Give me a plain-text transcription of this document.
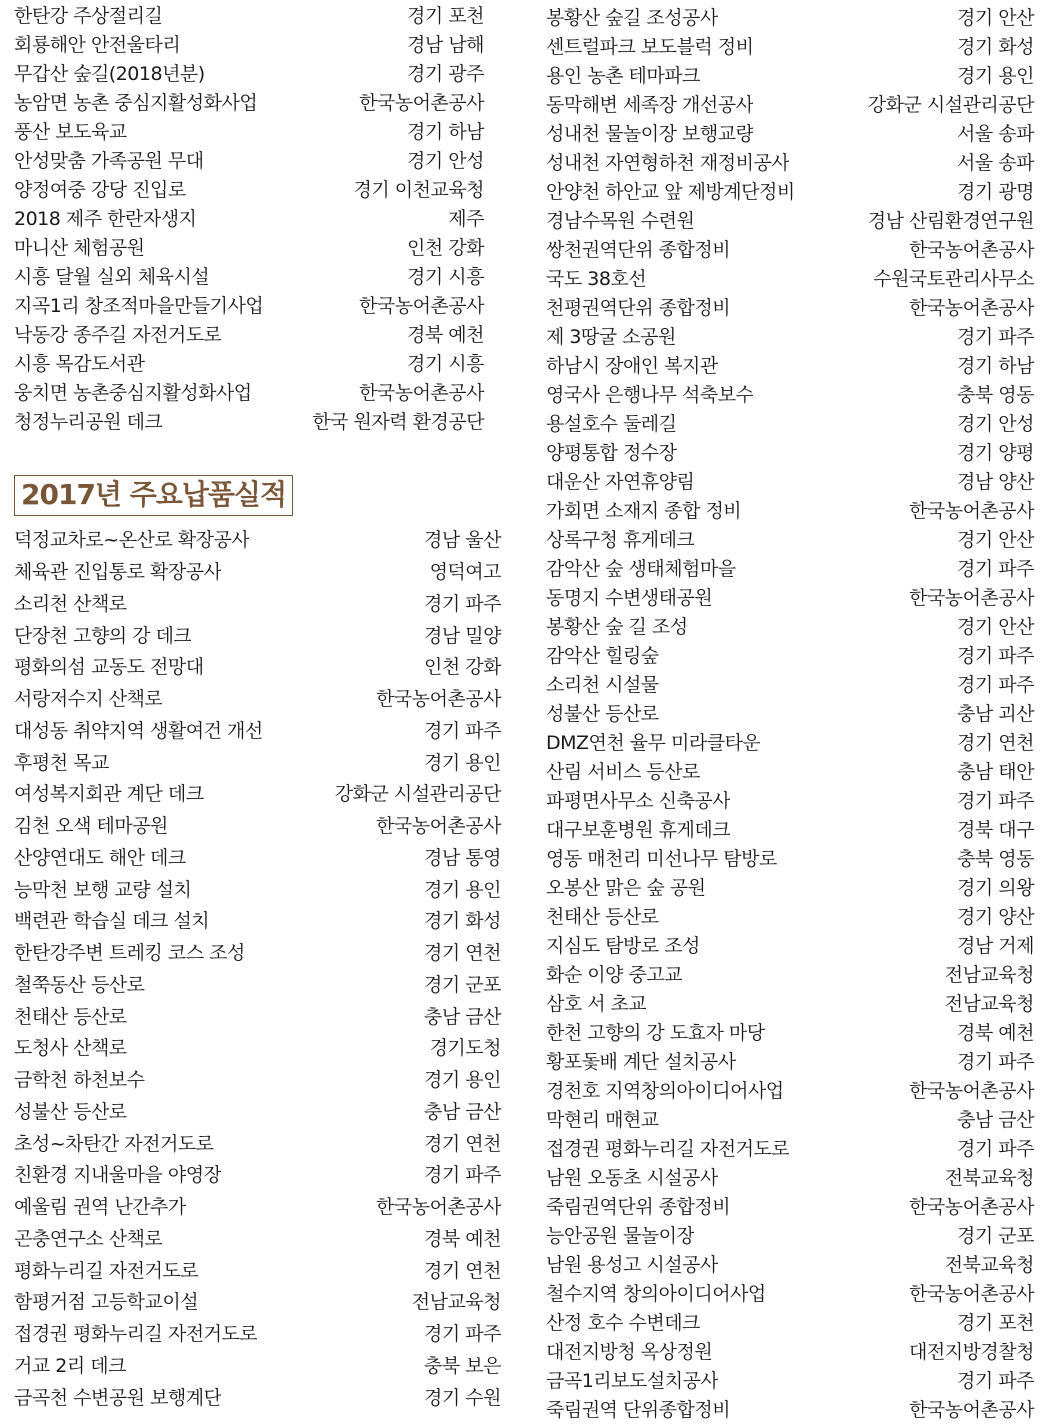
한탄강 주상절리길	경기 포천
회룡해안 안전울타리	경남 남해
무갑산 숲길(2018년분)	경기 광주
농암면 농촌 중심지활성화사업	한국농어촌공사
풍산 보도육교	경기 하남
안성맞춤 가족공원 무대	경기 안성
양정여중 강당 진입로	경기 이천교육청
2018 제주 한란자생지	제주
마니산 체험공원	인천 강화
시흥 달월 실외 체육시설	경기 시흥
지곡1리 창조적마을만들기사업	한국농어촌공사
낙동강 종주길 자전거도로	경북 예천
시흥 목감도서관	경기 시흥
웅치면 농촌중심지활성화사업	한국농어촌공사
청정누리공원 데크	한국 원자력 환경공단
2017년 주요납품실적
덕정교차로~온산로 확장공사	경남 울산
체육관 진입통로 확장공사	영덕여고
소리천 산책로	경기 파주
단장천 고향의 강 데크	경남 밀양
평화의섬 교동도 전망대	인천 강화
서랑저수지 산책로	한국농어촌공사
대성동 취약지역 생활여건 개선	경기 파주
후평천 목교	경기 용인
여성복지회관 계단 데크	강화군 시설관리공단
김천 오색 테마공원	한국농어촌공사
산양연대도 해안 데크	경남 통영
능막천 보행 교량 설치	경기 용인
백련관 학습실 데크 설치	경기 화성
한탄강주변 트레킹 코스 조성	경기 연천
철쭉동산 등산로	경기 군포
천태산 등산로	충남 금산
도청사 산책로	경기도청
금학천 하천보수	경기 용인
성불산 등산로	충남 금산
초성~차탄간 자전거도로	경기 연천
친환경 지내울마을 야영장	경기 파주
예울림 권역 난간추가	한국농어촌공사
곤충연구소 산책로	경북 예천
평화누리길 자전거도로	경기 연천
함평거점 고등학교이설	전남교육청
접경권 평화누리길 자전거도로	경기 파주
거교 2리 데크	충북 보은
금곡천 수변공원 보행계단	경기 수원
봉황산 숲길 조성공사	경기 안산
센트럴파크 보도블럭 정비	경기 화성
용인 농촌 테마파크	경기 용인
동막해변 세족장 개선공사	강화군 시설관리공단
성내천 물놀이장 보행교량	서울 송파
성내천 자연형하천 재정비공사	서울 송파
안양천 하안교 앞 제방계단정비	경기 광명
경남수목원 수련원	경남 산림환경연구원
쌍천권역단위 종합정비	한국농어촌공사
국도 38호선	수원국토관리사무소
천평권역단위 종합정비	한국농어촌공사
제 3땅굴 소공원	경기 파주
하남시 장애인 복지관	경기 하남
영국사 은행나무 석축보수	충북 영동
용설호수 둘레길	경기 안성
양평통합 정수장	경기 양평
대운산 자연휴양림	경남 양산
가회면 소재지 종합 정비	한국농어촌공사
상록구청 휴게데크	경기 안산
감악산 숲 생태체험마을	경기 파주
동명지 수변생태공원	한국농어촌공사
봉황산 숲 길 조성	경기 안산
감악산 힐링숲	경기 파주
소리천 시설물	경기 파주
성불산 등산로	충남 괴산
DMZ연천 율무 미라클타운	경기 연천
산림 서비스 등산로	충남 태안
파평면사무소 신축공사	경기 파주
대구보훈병원 휴게데크	경북 대구
영동 매천리 미선나무 탐방로	충북 영동
오봉산 맑은 숲 공원	경기 의왕
천태산 등산로	경기 양산
지심도 탐방로 조성	경남 거제
화순 이양 중고교	전남교육청
삼호 서 초교	전남교육청
한천 고향의 강 도효자 마당	경북 예천
황포돛배 계단 설치공사	경기 파주
경천호 지역창의아이디어사업	한국농어촌공사
막현리 매현교	충남 금산
접경권 평화누리길 자전거도로	경기 파주
남원 오동초 시설공사	전북교육청
죽림권역단위 종합정비	한국농어촌공사
능안공원 물놀이장	경기 군포
남원 용성고 시설공사	전북교육청
철수지역 창의아이디어사업	한국농어촌공사
산정 호수 수변데크	경기 포천
대전지방청 옥상정원	대전지방경찰청
금곡1리보도설치공사	경기 파주
죽림권역 단위종합정비	한국농어촌공사
